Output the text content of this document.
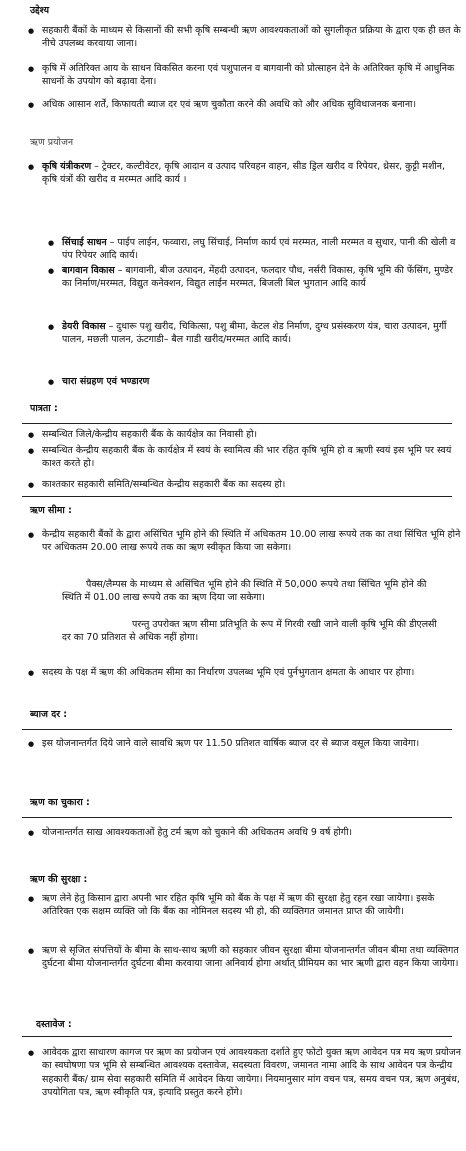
उद्देश्य
● सहकारी बैंकों के माध्यम से किसानों की सभी कृषि सम्बन्धी ऋण आवश्यकताओं को सुगलीकृत प्रक्रिया के द्वारा एक ही छत के नीचे उपलब्ध करवाया जाना।
● कृषि में अतिरिक्त आय के साधन विकसित करना एवं पशुपालन व बागवानी को प्रोत्साहन देने के अतिरिक्त कृषि में आधुनिक साधनों के उपयोग को बढ़ावा देना।
● अधिक आसान शर्तें, किफायती ब्याज दर एवं ऋण चुकौता करने की अवधि को और अधिक सुविधाजनक बनाना।
ऋण प्रयोजन
● कृषि यंत्रीकरण – ट्रेक्टर, कल्टीवेटर, कृषि आदान व उत्पाद परिवहन वाहन, सीड ड्रिल खरीद व रिपेयर, थ्रेसर, कुट्टी मशीन, कृषि यंत्रों की खरीद व मरम्मत आदि कार्य ।
● सिंचाई साधन – पाईप लाईन, फव्वारा, लघु सिंचाई, निर्माण कार्य एवं मरम्मत, नाली मरम्मत व सुधार, पानी की खेली व पंप रिपेयर आदि कार्य।
● बागवान विकास – बागवानी, बीज उत्पादन, मेंहदी उत्पादन, फलदार पौध, नर्सरी विकास, कृषि भूमि की फेंसिंग, मुण्डेर का निर्माण/मरम्मत, विद्युत कनेक्शन, विद्युत लाईन मरम्मत, बिजली बिल भुगतान आदि कार्य
● डेयरी विकास – दुधारू पशु खरीद, चिकित्सा, पशु बीमा, केटल शेड निर्माण, दुग्ध प्रसंस्करण यंत्र, चारा उत्पादन, मुर्गी पालन, मछली पालन, ऊंटगाडी– बैल गाडी खरीद/मरम्मत आदि कार्य।
● चारा संग्रहण एवं भण्डारण
पात्रता :
● सम्बन्धित जिले/केन्द्रीय सहकारी बैंक के कार्यक्षेत्र का निवासी हो।
● सम्बन्धित केन्द्रीय सहकारी बैंक के कार्यक्षेत्र में स्वयं के स्वामित्व की भार रहित कृषि भूमि हो व ऋणी स्वयं इस भूमि पर स्वयं काश्त करते हो।
● काश्तकार सहकारी समिति/सम्बन्धित केन्द्रीय सहकारी बैंक का सदस्य हो।
ऋण सीमा :
● केन्द्रीय सहकारी बैंकों के द्वारा असिंचित भूमि होने की स्थिति में अधिकतम 10.00 लाख रूपये तक का तथा सिंचित भूमि होने पर अधिकतम 20.00 लाख रूपये तक का ऋण स्वीकृत किया जा सकेगा।
पैक्स/लैम्पस के माध्यम से असिंचित भूमि होने की स्थिति में 50,000 रूपये तथा सिंचित भूमि होने की स्थिति में 01.00 लाख रूपये तक का ऋण दिया जा सकेगा।
परन्तु उपरोक्त ऋण सीमा प्रतिभूति के रूप में गिरवी रखी जाने वाली कृषि भूमि की डीएलसी दर का 70 प्रतिशत से अधिक नहीं होगा।
● सदस्य के पक्ष में ऋण की अधिकतम सीमा का निर्धारण उपलब्ध भूमि एवं पुर्नभुगतान क्षमता के आधार पर होगा।
ब्याज दर :
● इस योजनान्तर्गत दिये जाने वाले सावधि ऋण पर 11.50 प्रतिशत वार्षिक ब्याज दर से ब्याज वसूल किया जावेगा।
ऋण का चुकारा :
● योजनान्तर्गत साख आवश्यकताओं हेतु टर्म ऋण को चुकाने की अधिकतम अवधि 9 वर्ष होगी।
ऋण की सुरक्षा :
● ऋण लेने हेतु किसान द्वारा अपनी भार रहित कृषि भूमि को बैंक के पक्ष में ऋण की सुरक्षा हेतु रहन रखा जायेगा। इसके अतिरिक्त एक सक्षम व्यक्ति जो कि बैंक का नोमिनल सदस्य भी हो, की व्यक्तिगत जमानत प्राप्त की जायेगी।
● ऋण से सृजित संपत्तियों के बीमा के साथ-साथ ऋणी को सहकार जीवन सुरक्षा बीमा योजनान्तर्गत जीवन बीमा तथा व्यक्तिगत दुर्घटना बीमा योजनान्तर्गत दुर्घटना बीमा करवाया जाना अनिवार्य होगा अर्थात् प्रीमियम का भार ऋणी द्वारा वहन किया जायेगा।
दस्तावेज :
● आवेदक द्वारा साधारण कागज पर ऋण का प्रयोजन एवं आवश्यकता दर्शाते हुए फोटो युक्त ऋण आवेदन पत्र मय ऋण प्रयोजन का स्वघोषणा पत्र भूमि से सम्बन्धित आवश्यक दस्तावेज, सदस्यता विवरण, जमानत नामा आदि के साथ आवेदन पत्र केन्द्रीय सहकारी बैंक/ ग्राम सेवा सहकारी समिति में आवेदन किया जायेगा। नियमानुसार मांग वचन पत्र, समय वचन पत्र, ऋण अनुबंध, उपयोगिता पत्र, ऋण स्वीकृति पत्र, इत्यादि प्रस्तुत करने होंगे।
